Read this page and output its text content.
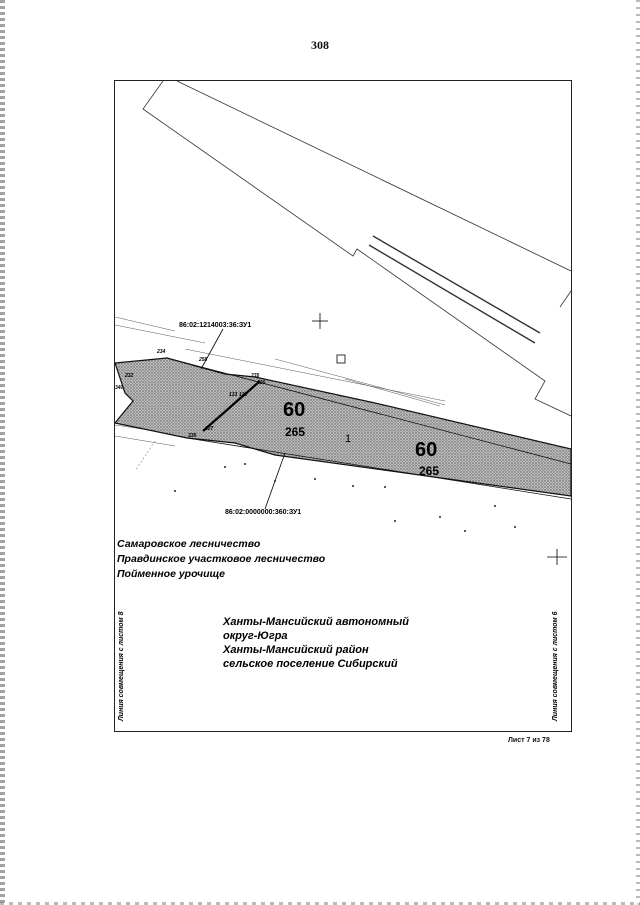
308
86:02:1214003:36:ЗУ1
86:02:0000000:360:ЗУ1
60
265	1	60
265
234
258
232
340
235
126
127
336
133 128
Самаровское лесничество
Правдинское участковое лесничество
Пойменное урочище
Ханты-Мансийский автономный
округ-Югра
Ханты-Мансийский район
сельское поселение Сибирский
Линия совмещения с листом 8	Линия совмещения с листом 6
Лист 7 из 78
